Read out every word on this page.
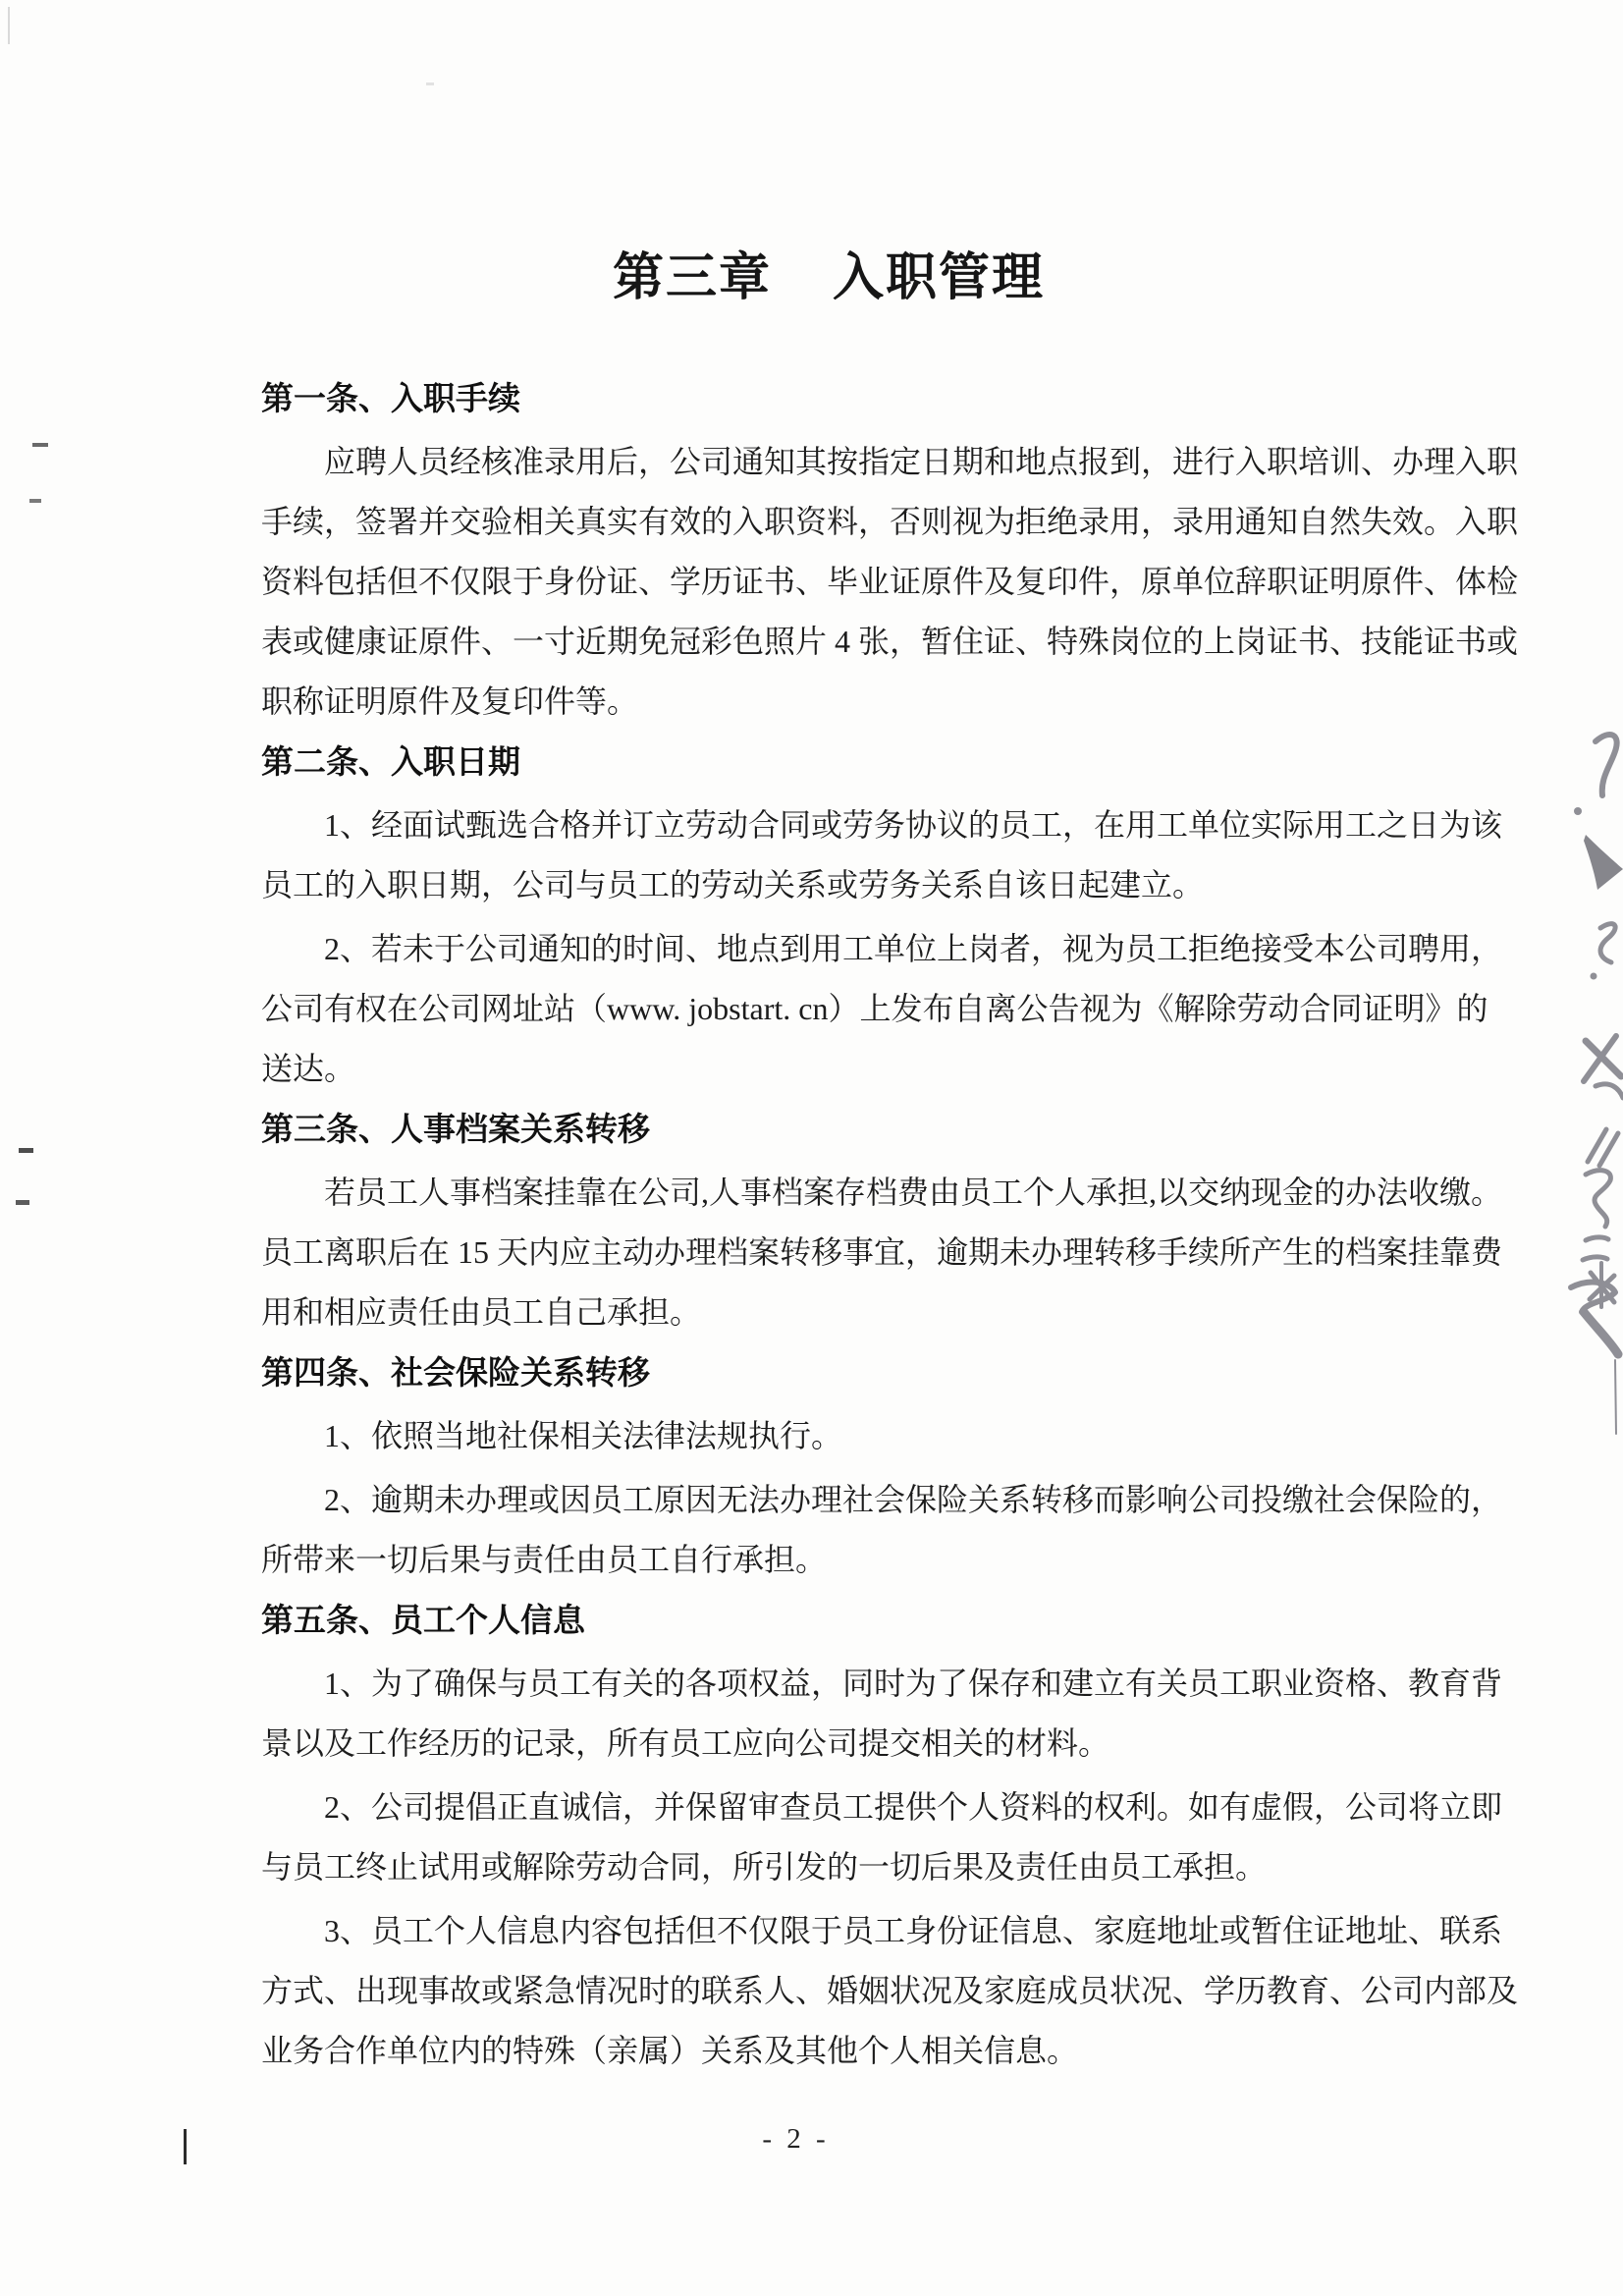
第三章 入职管理
第一条、入职手续
应聘人员经核准录用后，公司通知其按指定日期和地点报到，进行入职培训、办理入职
手续，签署并交验相关真实有效的入职资料，否则视为拒绝录用，录用通知自然失效。入职
资料包括但不仅限于身份证、学历证书、毕业证原件及复印件，原单位辞职证明原件、体检
表或健康证原件、一寸近期免冠彩色照片 4 张，暂住证、特殊岗位的上岗证书、技能证书或
职称证明原件及复印件等。
第二条、入职日期
1、经面试甄选合格并订立劳动合同或劳务协议的员工，在用工单位实际用工之日为该
员工的入职日期，公司与员工的劳动关系或劳务关系自该日起建立。
2、若未于公司通知的时间、地点到用工单位上岗者，视为员工拒绝接受本公司聘用，
公司有权在公司网址站（www. jobstart. cn）上发布自离公告视为《解除劳动合同证明》的
送达。
第三条、人事档案关系转移
若员工人事档案挂靠在公司,人事档案存档费由员工个人承担,以交纳现金的办法收缴。
员工离职后在 15 天内应主动办理档案转移事宜，逾期未办理转移手续所产生的档案挂靠费
用和相应责任由员工自己承担。
第四条、社会保险关系转移
1、依照当地社保相关法律法规执行。
2、逾期未办理或因员工原因无法办理社会保险关系转移而影响公司投缴社会保险的，
所带来一切后果与责任由员工自行承担。
第五条、员工个人信息
1、为了确保与员工有关的各项权益，同时为了保存和建立有关员工职业资格、教育背
景以及工作经历的记录，所有员工应向公司提交相关的材料。
2、公司提倡正直诚信，并保留审查员工提供个人资料的权利。如有虚假，公司将立即
与员工终止试用或解除劳动合同，所引发的一切后果及责任由员工承担。
3、员工个人信息内容包括但不仅限于员工身份证信息、家庭地址或暂住证地址、联系
方式、出现事故或紧急情况时的联系人、婚姻状况及家庭成员状况、学历教育、公司内部及
业务合作单位内的特殊（亲属）关系及其他个人相关信息。
- 2 -
